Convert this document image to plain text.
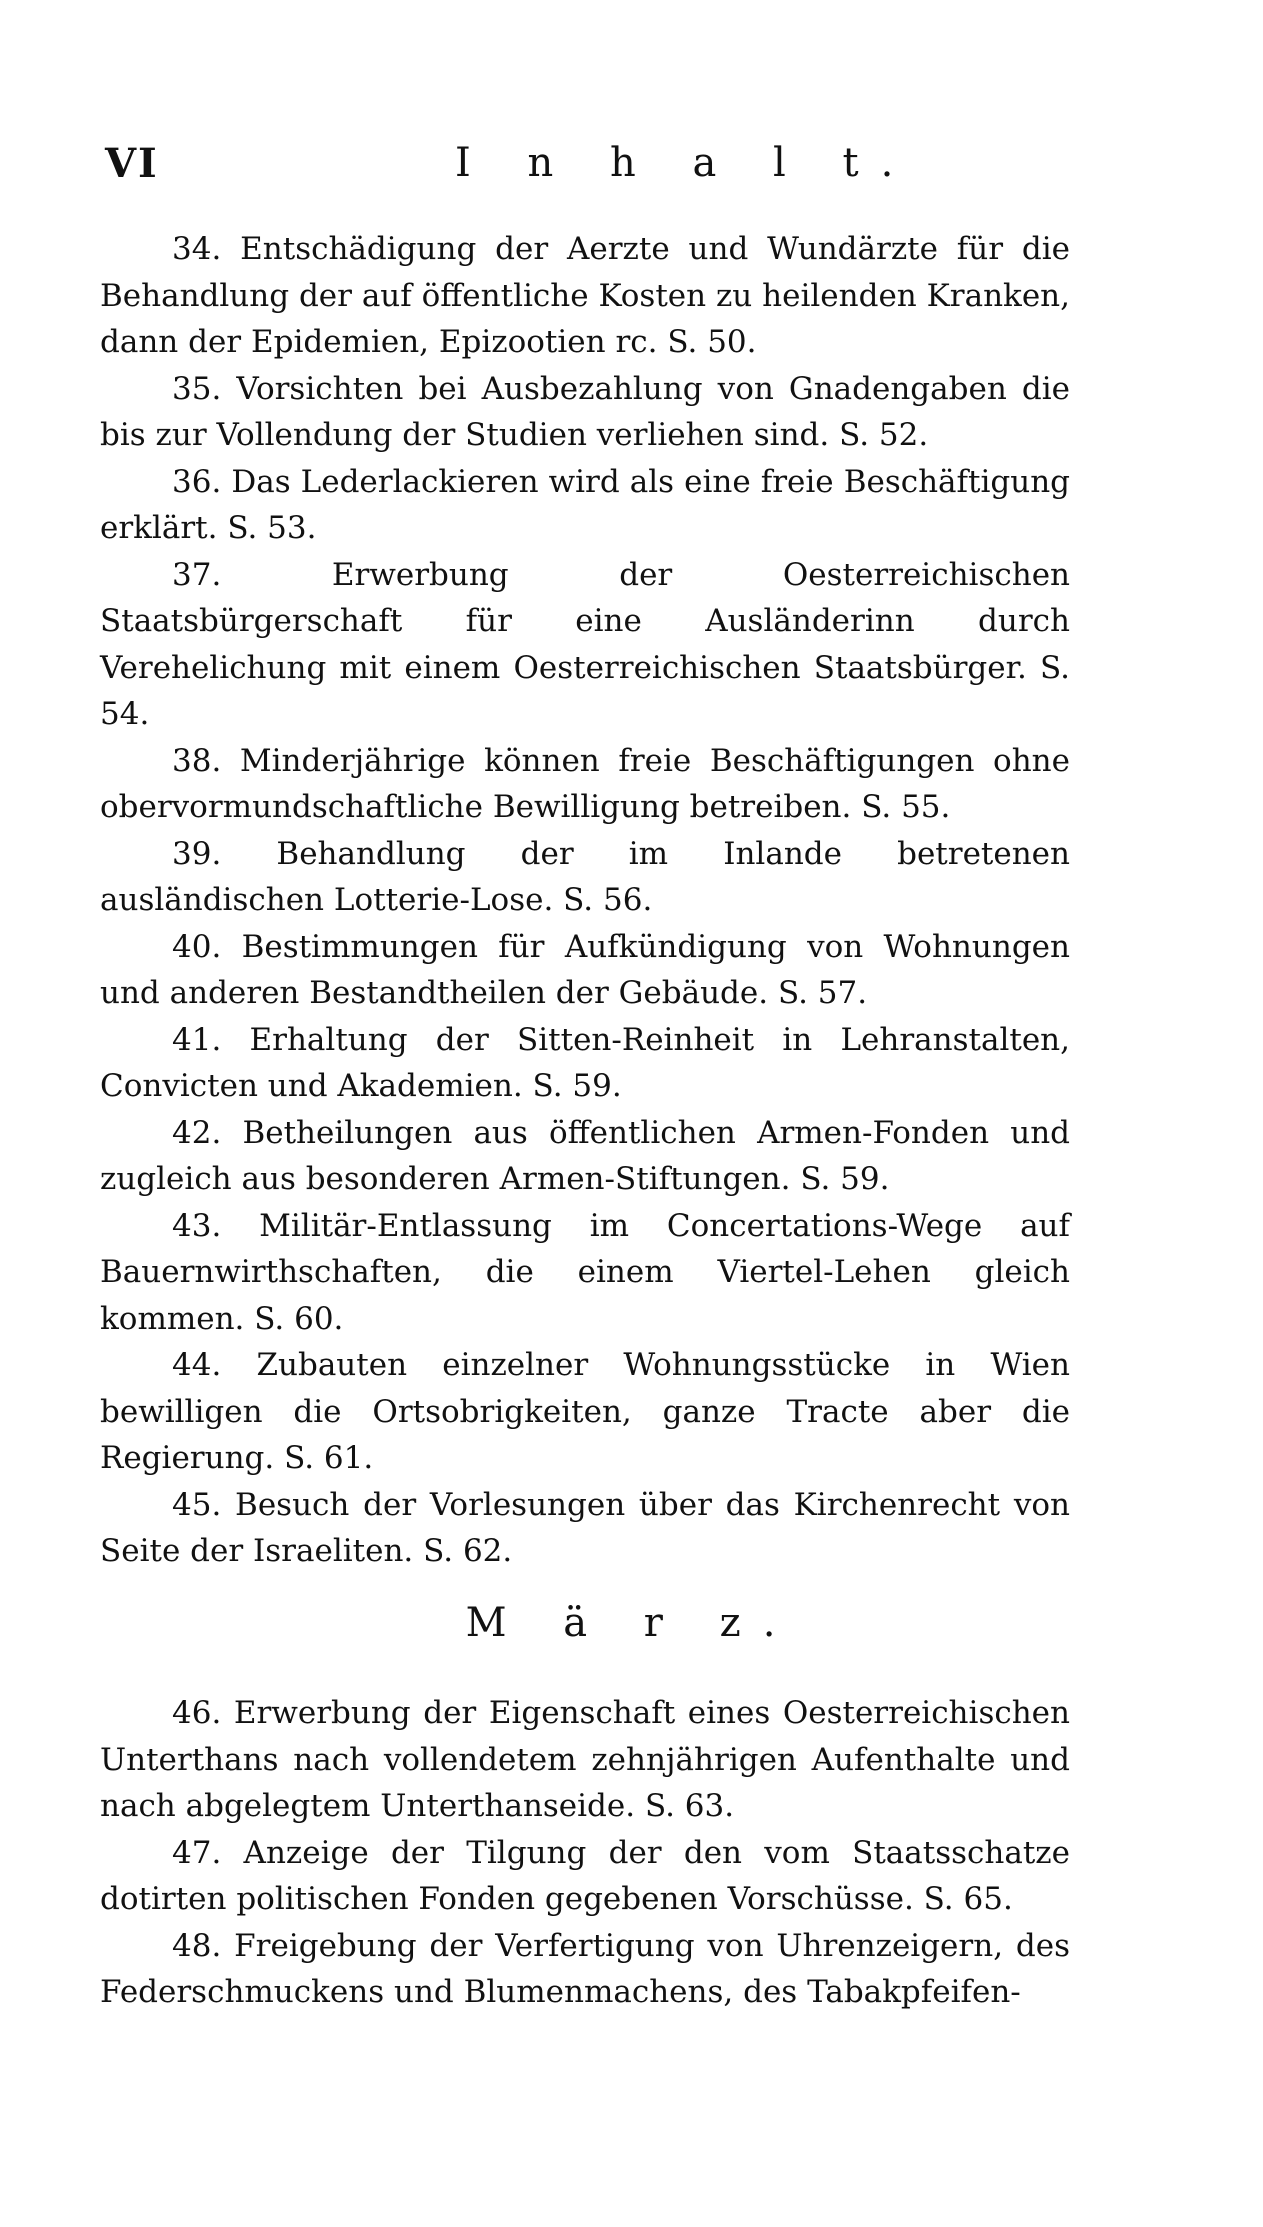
VI	I n h a l t.

34. Entschädigung der Aerzte und Wundärzte für die Behandlung der auf öffentliche Kosten zu heilenden Kranken, dann der Epidemien, Epizootien rc. S. 50.

35. Vorsichten bei Ausbezahlung von Gnadengaben die bis zur Vollendung der Studien verliehen sind. S. 52.

36. Das Lederlackieren wird als eine freie Beschäftigung erklärt. S. 53.

37. Erwerbung der Oesterreichischen Staatsbürgerschaft für eine Ausländerinn durch Verehelichung mit einem Oesterreichischen Staatsbürger. S. 54.

38. Minderjährige können freie Beschäftigungen ohne obervormundschaftliche Bewilligung betreiben. S. 55.

39. Behandlung der im Inlande betretenen ausländischen Lotterie-Lose. S. 56.

40. Bestimmungen für Aufkündigung von Wohnungen und anderen Bestandtheilen der Gebäude. S. 57.

41. Erhaltung der Sitten-Reinheit in Lehranstalten, Convicten und Akademien. S. 59.

42. Betheilungen aus öffentlichen Armen-Fonden und zugleich aus besonderen Armen-Stiftungen. S. 59.

43. Militär-Entlassung im Concertations-Wege auf Bauernwirthschaften, die einem Viertel-Lehen gleich kommen. S. 60.

44. Zubauten einzelner Wohnungsstücke in Wien bewilligen die Ortsobrigkeiten, ganze Tracte aber die Regierung. S. 61.

45. Besuch der Vorlesungen über das Kirchenrecht von Seite der Israeliten. S. 62.

M ä r z.

46. Erwerbung der Eigenschaft eines Oesterreichischen Unterthans nach vollendetem zehnjährigen Aufenthalte und nach abgelegtem Unterthanseide. S. 63.

47. Anzeige der Tilgung der den vom Staatsschatze dotirten politischen Fonden gegebenen Vorschüsse. S. 65.

48. Freigebung der Verfertigung von Uhrenzeigern, des Federschmuckens und Blumenmachens, des Tabakpfeifen-
